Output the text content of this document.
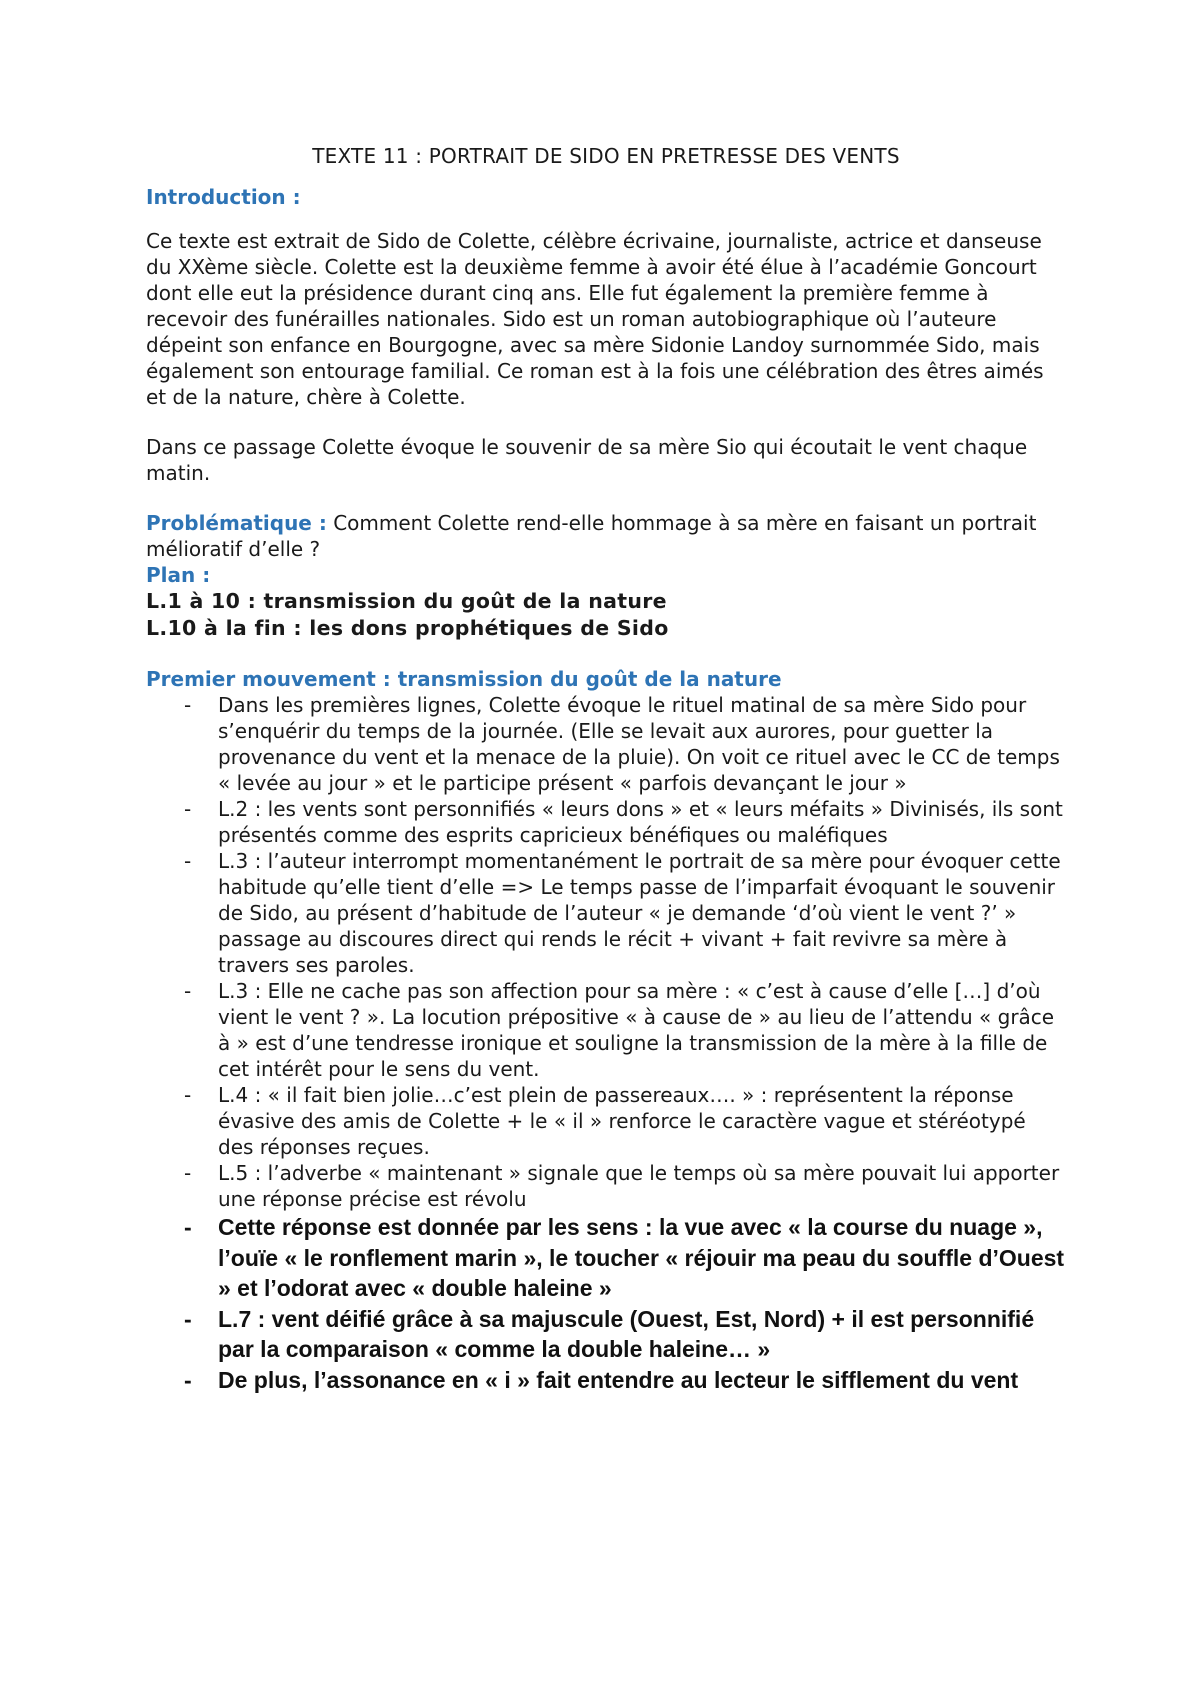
TEXTE 11 : PORTRAIT DE SIDO EN PRETRESSE DES VENTS

Introduction :

Ce texte est extrait de Sido de Colette, célèbre écrivaine, journaliste, actrice et danseuse du XXème siècle. Colette est la deuxième femme à avoir été élue à l’académie Goncourt dont elle eut la présidence durant cinq ans. Elle fut également la première femme à recevoir des funérailles nationales. Sido est un roman autobiographique où l’auteure dépeint son enfance en Bourgogne, avec sa mère Sidonie Landoy surnommée Sido, mais également son entourage familial. Ce roman est à la fois une célébration des êtres aimés et de la nature, chère à Colette.

Dans ce passage Colette évoque le souvenir de sa mère Sio qui écoutait le vent chaque matin.

Problématique : Comment Colette rend-elle hommage à sa mère en faisant un portrait mélioratif d’elle ?

Plan :

L.1 à 10 : transmission du goût de la nature

L.10 à la fin : les dons prophétiques de Sido

Premier mouvement : transmission du goût de la nature

- Dans les premières lignes, Colette évoque le rituel matinal de sa mère Sido pour s’enquérir du temps de la journée. (Elle se levait aux aurores, pour guetter la provenance du vent et la menace de la pluie). On voit ce rituel avec le CC de temps « levée au jour » et le participe présent « parfois devançant le jour »
- L.2 : les vents sont personnifiés « leurs dons » et « leurs méfaits » Divinisés, ils sont présentés comme des esprits capricieux bénéfiques ou maléfiques
- L.3 : l’auteur interrompt momentanément le portrait de sa mère pour évoquer cette habitude qu’elle tient d’elle => Le temps passe de l’imparfait évoquant le souvenir de Sido, au présent d’habitude de l’auteur « je demande ‘d’où vient le vent ?’ » passage au discoures direct qui rends le récit + vivant + fait revivre sa mère à travers ses paroles.
- L.3 : Elle ne cache pas son affection pour sa mère : « c’est à cause d’elle […] d’où vient le vent ? ». La locution prépositive « à cause de » au lieu de l’attendu « grâce à » est d’une tendresse ironique et souligne la transmission de la mère à la fille de cet intérêt pour le sens du vent.
- L.4 : « il fait bien jolie…c’est plein de passereaux…. » : représentent la réponse évasive des amis de Colette + le « il » renforce le caractère vague et stéréotypé des réponses reçues.
- L.5 : l’adverbe « maintenant » signale que le temps où sa mère pouvait lui apporter une réponse précise est révolu
- Cette réponse est donnée par les sens : la vue avec « la course du nuage », l’ouïe « le ronflement marin », le toucher « réjouir ma peau du souffle d’Ouest » et l’odorat avec « double haleine »
- L.7 : vent déifié grâce à sa majuscule (Ouest, Est, Nord) + il est personnifié par la comparaison « comme la double haleine… »
- De plus, l’assonance en « i » fait entendre au lecteur le sifflement du vent
